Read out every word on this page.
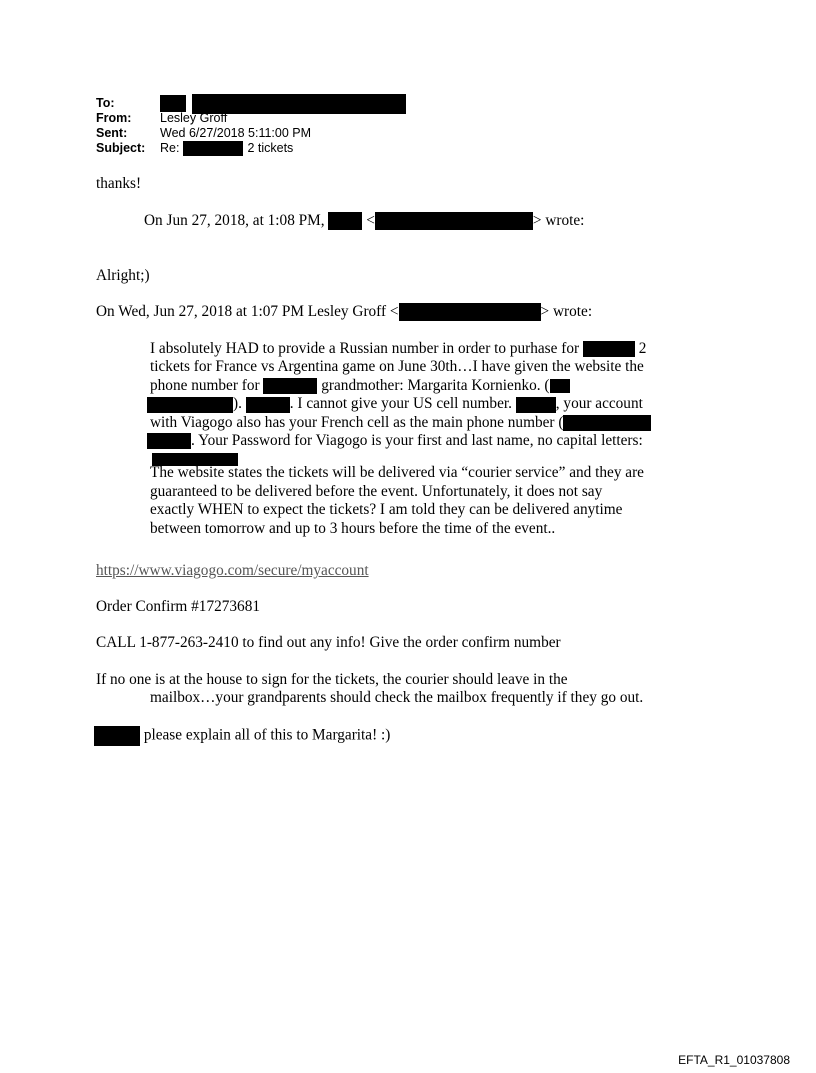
To:
From:	Lesley Groff
Sent:	Wed 6/27/2018 5:11:00 PM
Subject:	Re:	2 tickets
thanks!
On Jun 27, 2018, at 1:08 PM,	<	> wrote:
Alright;)
On Wed, Jun 27, 2018 at 1:07 PM Lesley Groff <	> wrote:
I absolutely HAD to provide a Russian number in order to purhase for	2
tickets for France vs Argentina game on June 30th…I have given the website the
phone number for	grandmother: Margarita Kornienko. (
).	. I cannot give your US cell number.	, your account
with Viagogo also has your French cell as the main phone number (
. Your Password for Viagogo is your first and last name, no capital letters:
The website states the tickets will be delivered via “courier service” and they are
guaranteed to be delivered before the event. Unfortunately, it does not say
exactly WHEN to expect the tickets? I am told they can be delivered anytime
between tomorrow and up to 3 hours before the time of the event..
https://www.viagogo.com/secure/myaccount
Order Confirm #17273681
CALL 1-877-263-2410 to find out any info! Give the order confirm number
If no one is at the house to sign for the tickets, the courier should leave in the
mailbox…your grandparents should check the mailbox frequently if they go out.
please explain all of this to Margarita! :)
EFTA_R1_01037808
